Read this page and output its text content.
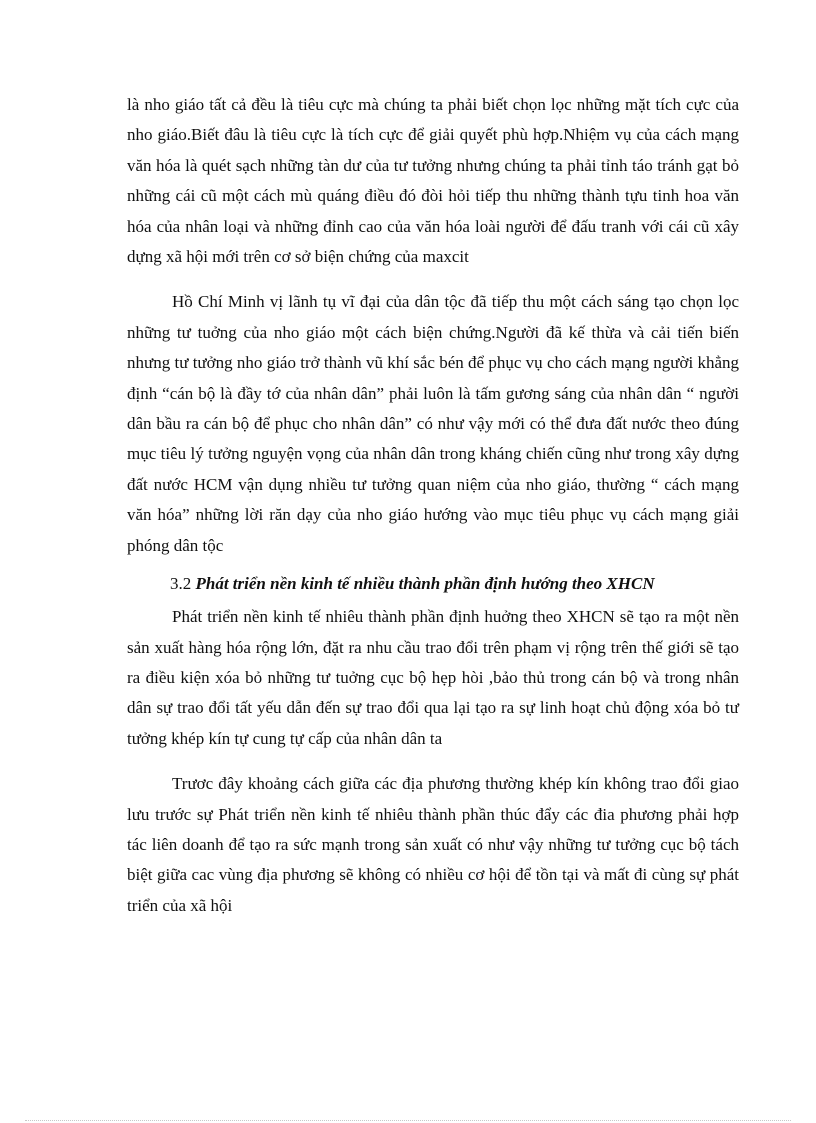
là nho giáo tất cả đều là tiêu cực mà chúng ta phải biết chọn lọc những mặt tích cực của nho giáo.Biết đâu là tiêu cực là tích cực để giải quyết phù hợp.Nhiệm vụ của cách mạng văn hóa là quét sạch những tàn dư của tư tưởng nhưng chúng ta phải tỉnh táo tránh gạt bỏ những cái cũ một cách mù quáng điều đó đòi hỏi tiếp thu những thành tựu tinh hoa văn hóa của nhân loại và những đỉnh cao của văn hóa loài người để đấu tranh với cái cũ xây dựng xã hội mới trên cơ sở biện chứng của maxcit

Hồ Chí Minh vị lãnh tụ vĩ đại của dân tộc đã tiếp thu một cách sáng tạo chọn lọc những tư tuởng của nho giáo một cách biện chứng.Người đã kế thừa và cải tiến biến nhưng tư tưởng nho giáo trở thành vũ khí sắc bén để phục vụ cho cách mạng người khẳng định “cán bộ là đầy tớ của nhân dân” phải luôn là tấm gương sáng của nhân dân “ người dân bầu ra cán bộ để phục cho nhân dân” có như vậy mới có thể đưa đất nước theo đúng mục tiêu lý tưởng nguyện vọng của nhân dân trong kháng chiến cũng như trong xây dựng đất nước HCM vận dụng nhiều tư tưởng quan niệm của nho giáo, thường “ cách mạng văn hóa” những lời răn dạy của nho giáo hướng vào mục tiêu phục vụ cách mạng giải phóng dân tộc

3.2 Phát triển nền kinh tế nhiều thành phần định hướng theo XHCN

Phát triển nền kinh tế nhiêu thành phần định huởng theo XHCN sẽ tạo ra một nền sản xuất hàng hóa rộng lớn, đặt ra nhu cầu trao đổi trên phạm vị rộng trên thế giới sẽ tạo ra điều kiện xóa bỏ những tư tuởng cục bộ hẹp hòi ,bảo thủ trong cán bộ và trong nhân dân sự trao đổi tất yếu dẫn đến sự trao đổi qua lại tạo ra sự linh hoạt chủ động xóa bỏ tư tưởng khép kín tự cung tự cấp của nhân dân ta

Trươc đây khoảng cách giữa các địa phương thường khép kín không trao đổi giao lưu trước sự Phát triển nền kinh tế nhiêu thành phần thúc đẩy các đia phương phải hợp tác liên doanh để tạo ra sức mạnh trong sản xuất có như vậy những tư tưởng cục bộ tách biệt giữa cac vùng địa phương sẽ không có nhiều cơ hội để tồn tại và mất đi cùng sự phát triển của xã hội
